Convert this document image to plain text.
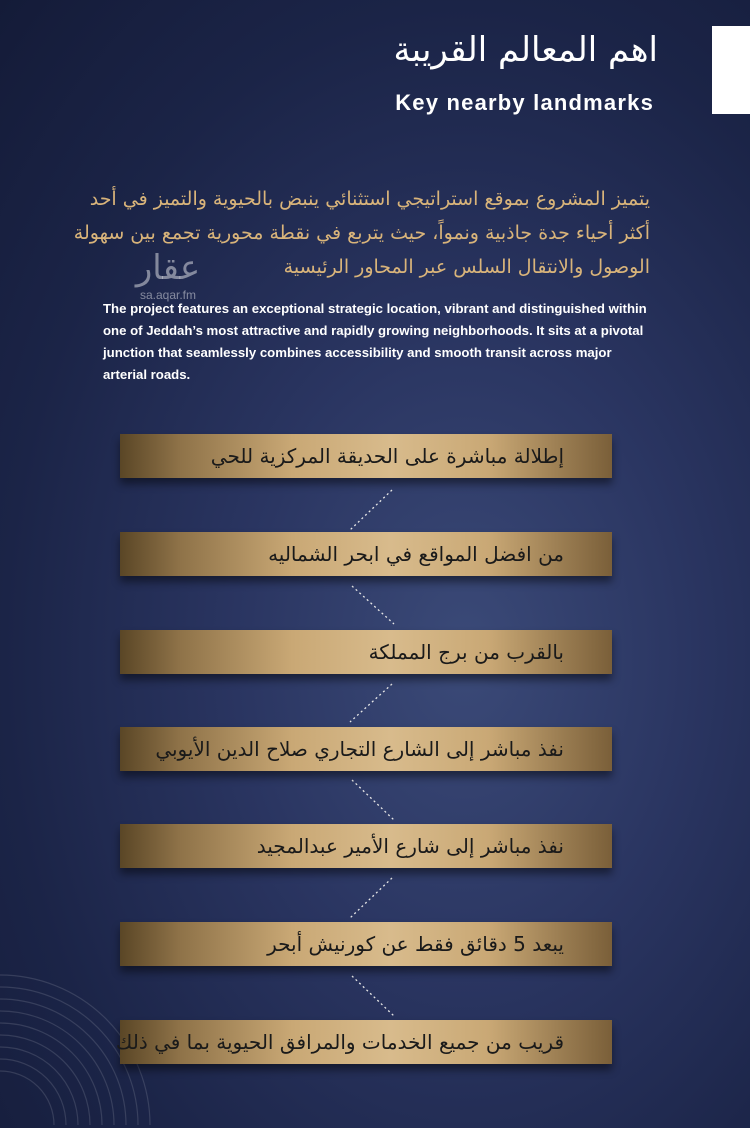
اهم المعالم القريبة
Key nearby landmarks
يتميز المشروع بموقع استراتيجي استثنائي ينبض بالحيوية والتميز في أحد أكثر أحياء جدة جاذبية ونمواً، حيث يتربع في نقطة محورية تجمع بين سهولة الوصول والانتقال السلس عبر المحاور الرئيسية
عقار
sa.aqar.fm
The project features an exceptional strategic location, vibrant and distinguished within one of Jeddah’s most attractive and rapidly growing neighborhoods. It sits at a pivotal junction that seamlessly combines accessibility and smooth transit across major arterial roads.
إطلالة مباشرة على الحديقة المركزية للحي
من افضل المواقع في ابحر الشماليه
بالقرب من برج المملكة
نفذ مباشر إلى الشارع التجاري صلاح الدين الأيوبي
نفذ مباشر إلى شارع الأمير عبدالمجيد
يبعد 5 دقائق فقط عن كورنيش أبحر
قريب من جميع الخدمات والمرافق الحيوية بما في ذلك
